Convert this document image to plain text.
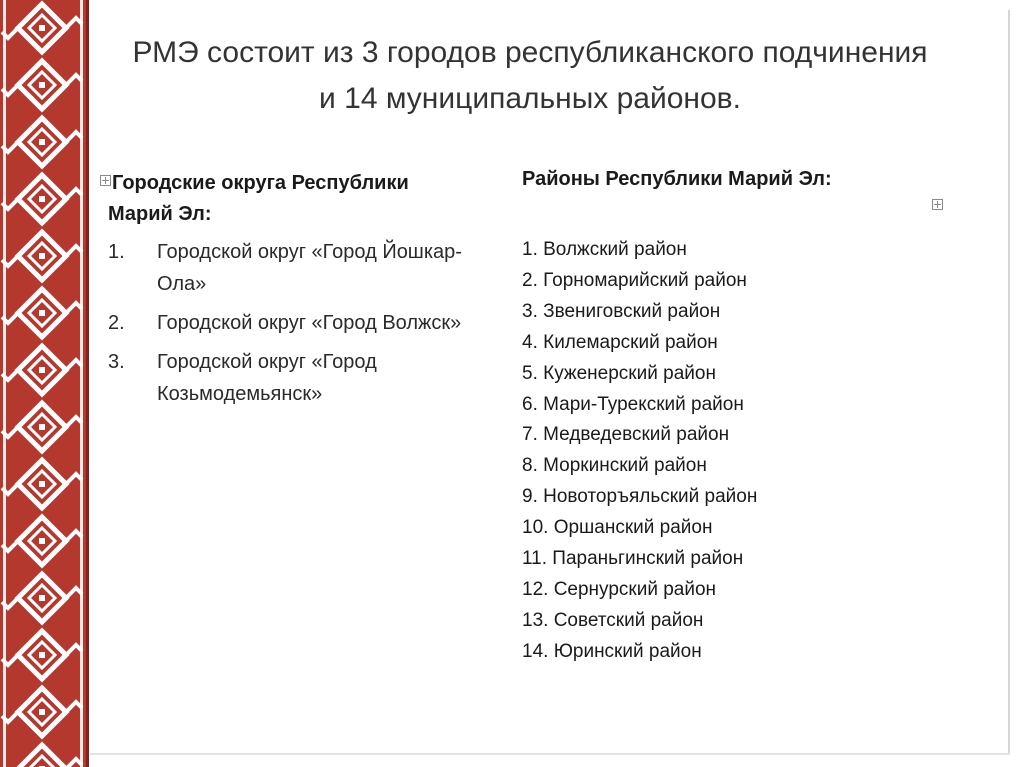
РМЭ состоит из 3 городов республиканского подчинения и 14 муниципальных районов.
Городские округа Республики
Марий Эл:
1.	Городской округ «Город Йошкар-Ола»
2.	Городской округ «Город Волжск»
3.	Городской округ «Город Козьмодемьянск»
Районы Республики Марий Эл:
1. Волжский район
2. Горномарийский район
3. Звениговский район
4. Килемарский район
5. Куженерский район
6. Мари-Турекский район
7. Медведевский район
8. Моркинский район
9. Новоторъяльский район
10. Оршанский район
11. Параньгинский район
12. Сернурский район
13. Советский район
14. Юринский район
